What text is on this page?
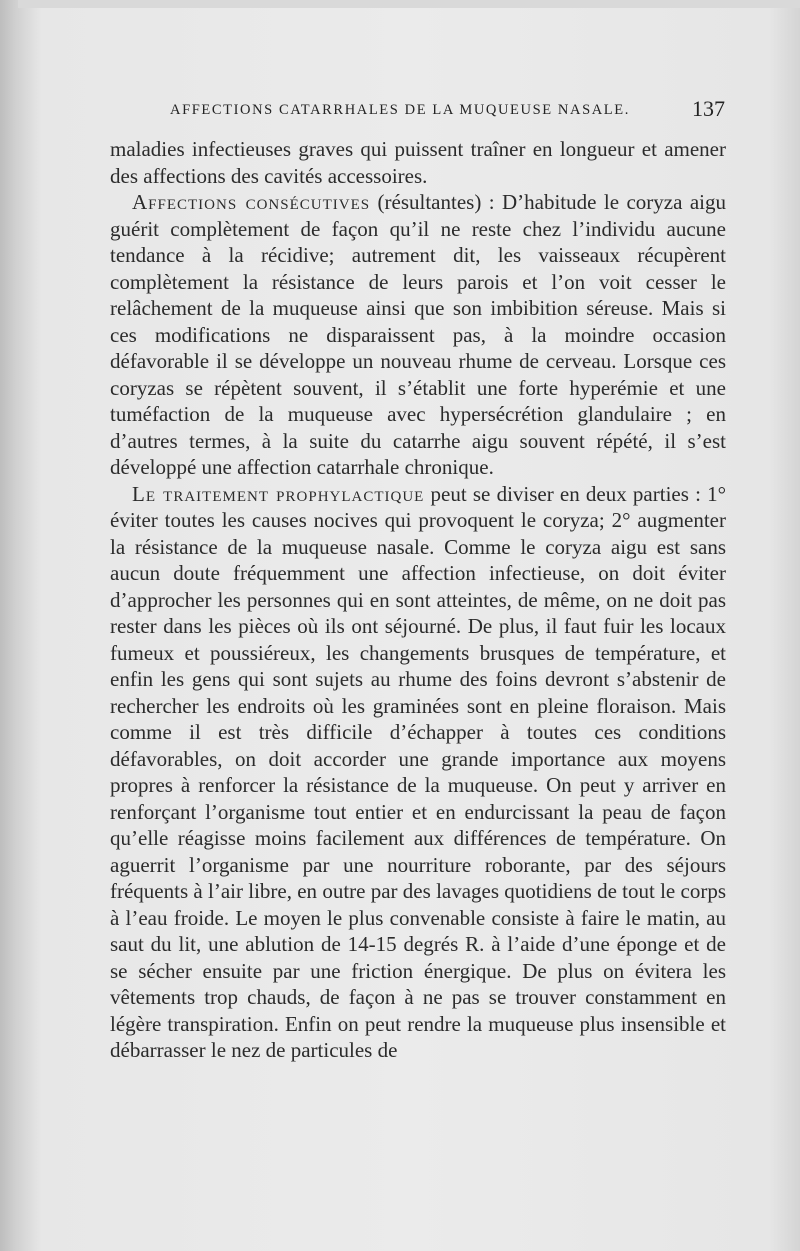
AFFECTIONS CATARRHALES DE LA MUQUEUSE NASALE.	137

maladies infectieuses graves qui puissent traîner en longueur et amener des affections des cavités accessoires.

Affections consécutives (résultantes) : D’habitude le coryza aigu guérit complètement de façon qu’il ne reste chez l’individu aucune tendance à la récidive; autrement dit, les vaisseaux récupèrent complètement la résistance de leurs parois et l’on voit cesser le relâchement de la muqueuse ainsi que son imbibition séreuse. Mais si ces modifications ne disparaissent pas, à la moindre occasion défavorable il se développe un nouveau rhume de cerveau. Lorsque ces coryzas se répètent souvent, il s’établit une forte hyperémie et une tuméfaction de la muqueuse avec hypersécrétion glandulaire ; en d’autres termes, à la suite du catarrhe aigu souvent répété, il s’est développé une affection catarrhale chronique.

Le traitement prophylactique peut se diviser en deux parties : 1° éviter toutes les causes nocives qui provoquent le coryza; 2° augmenter la résistance de la muqueuse nasale. Comme le coryza aigu est sans aucun doute fréquemment une affection infectieuse, on doit éviter d’approcher les personnes qui en sont atteintes, de même, on ne doit pas rester dans les pièces où ils ont séjourné. De plus, il faut fuir les locaux fumeux et poussiéreux, les changements brusques de température, et enfin les gens qui sont sujets au rhume des foins devront s’abstenir de rechercher les endroits où les graminées sont en pleine floraison. Mais comme il est très difficile d’échapper à toutes ces conditions défavorables, on doit accorder une grande importance aux moyens propres à renforcer la résistance de la muqueuse. On peut y arriver en renforçant l’organisme tout entier et en endurcissant la peau de façon qu’elle réagisse moins facilement aux différences de température. On aguerrit l’organisme par une nourriture roborante, par des séjours fréquents à l’air libre, en outre par des lavages quotidiens de tout le corps à l’eau froide. Le moyen le plus convenable consiste à faire le matin, au saut du lit, une ablution de 14-15 degrés R. à l’aide d’une éponge et de se sécher ensuite par une friction énergique. De plus on évitera les vêtements trop chauds, de façon à ne pas se trouver constamment en légère transpiration. Enfin on peut rendre la muqueuse plus insensible et débarrasser le nez de particules de
